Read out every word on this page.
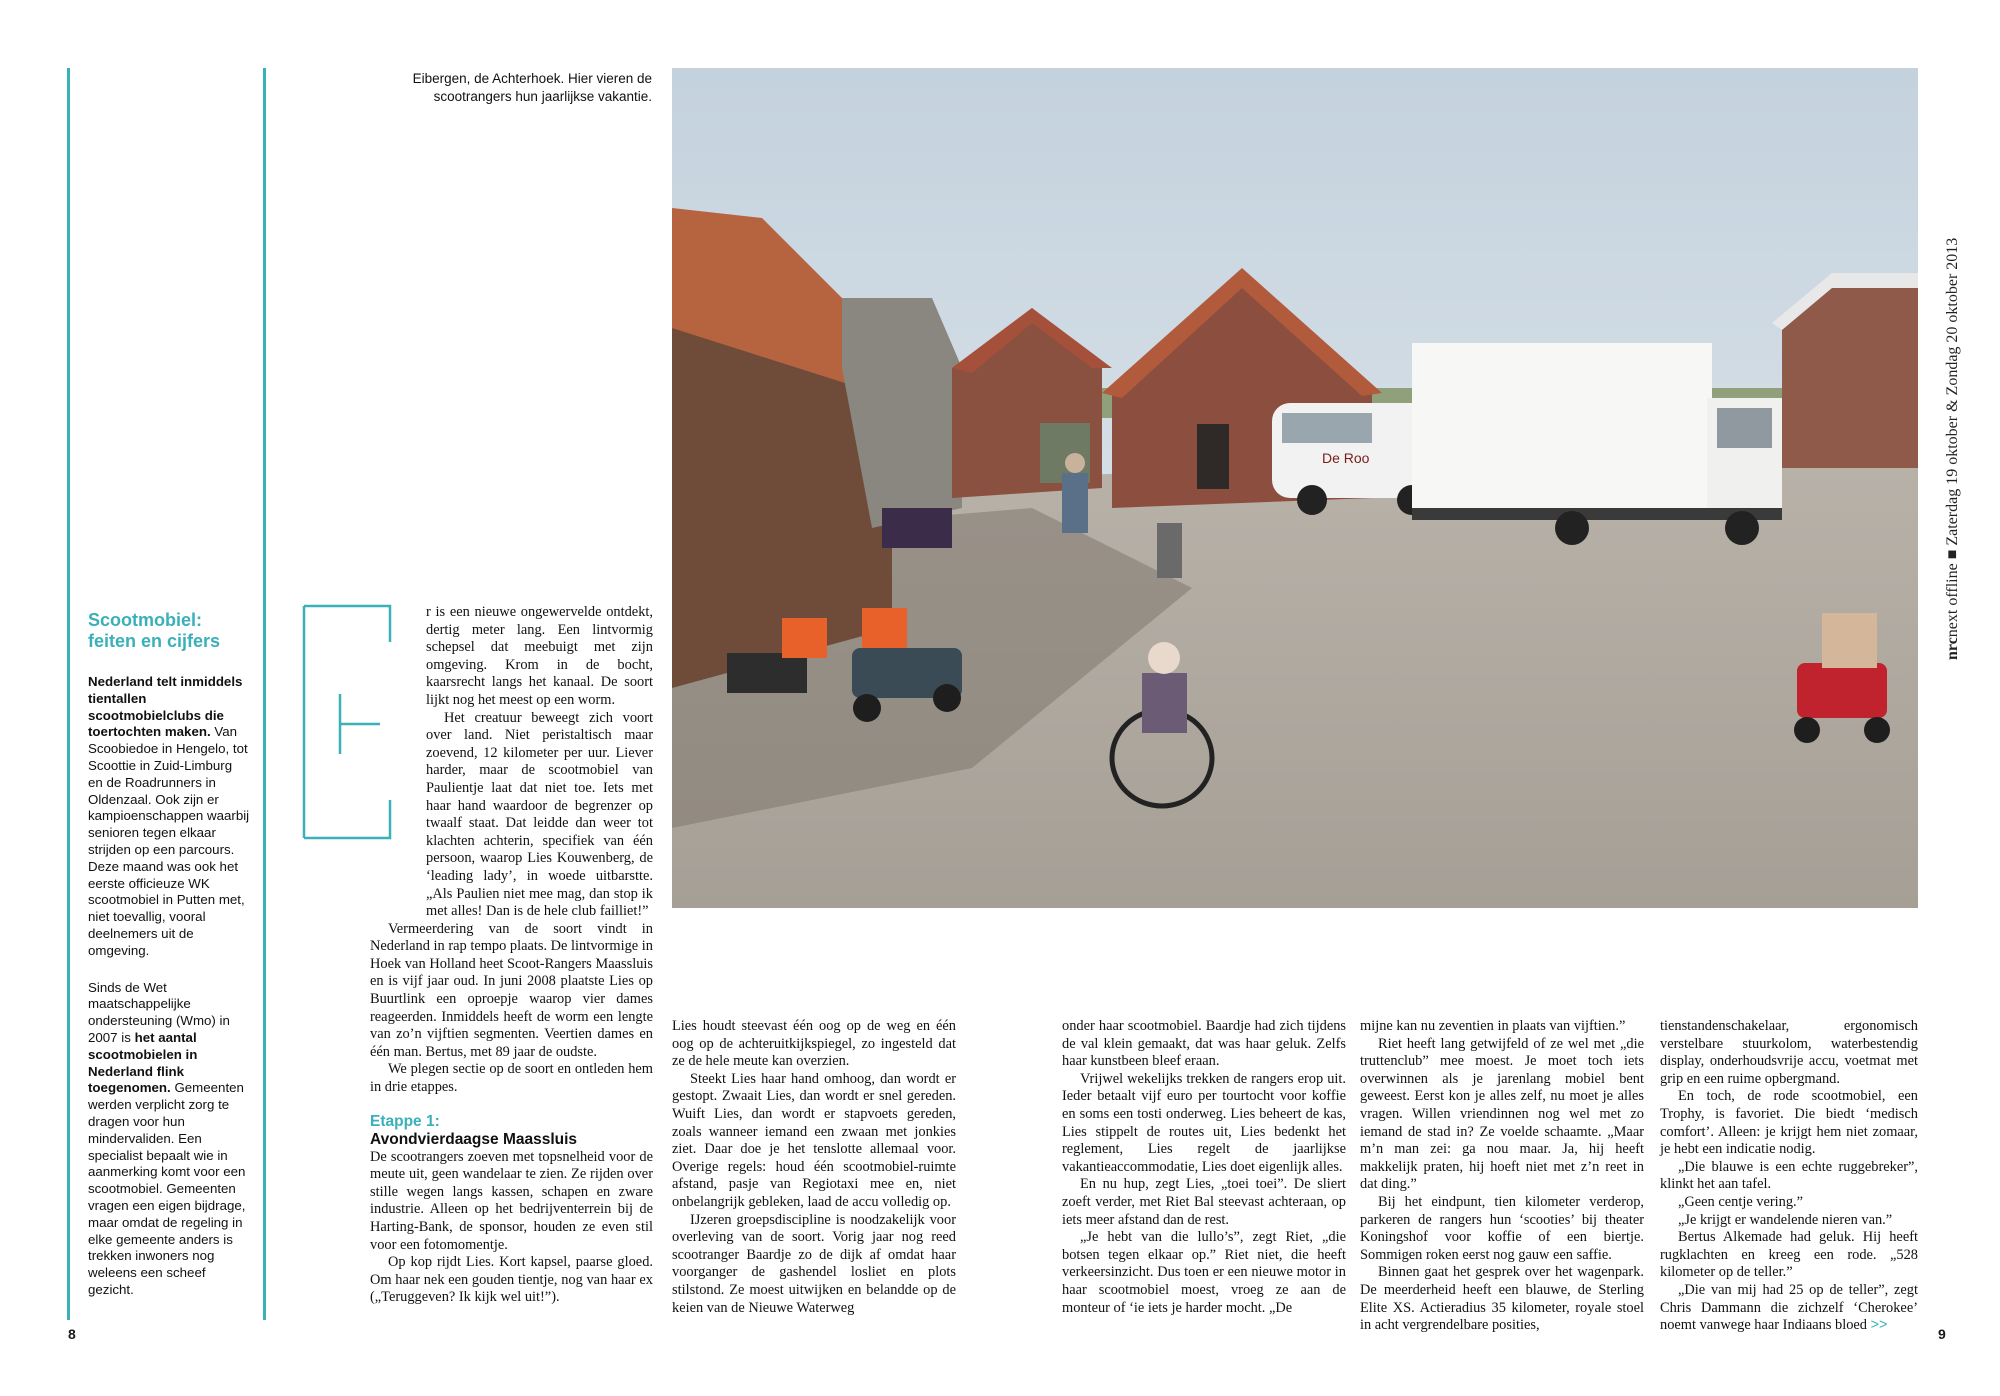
Scootmobiel: feiten en cijfers

Nederland telt inmiddels tientallen scootmobielclubs die toertochten maken. Van Scoobiedoe in Hengelo, tot Scoottie in Zuid-Limburg en de Roadrunners in Oldenzaal. Ook zijn er kampioenschappen waarbij senioren tegen elkaar strijden op een parcours. Deze maand was ook het eerste officieuze WK scootmobiel in Putten met, niet toevallig, vooral deelnemers uit de omgeving.

Sinds de Wet maatschappelijke ondersteuning (Wmo) in 2007 is het aantal scootmobielen in Nederland flink toegenomen. Gemeenten werden verplicht zorg te dragen voor hun mindervaliden. Een specialist bepaalt wie in aanmerking komt voor een scootmobiel. Gemeenten vragen een eigen bijdrage, maar omdat de regeling in elke gemeente anders is trekken inwoners nog weleens een scheef gezicht.

Eibergen, de Achterhoek. Hier vieren de scootrangers hun jaarlijkse vakantie.
De Roo
nrcnext offline ■ Zaterdag 19 oktober & Zondag 20 oktober 2013

r is een nieuwe ongewervelde ontdekt, dertig meter lang. Een lintvormig schepsel dat meebuigt met zijn omgeving. Krom in de bocht, kaarsrecht langs het kanaal. De soort lijkt nog het meest op een worm.

Het creatuur beweegt zich voort over land. Niet peristaltisch maar zoevend, 12 kilometer per uur. Liever harder, maar de scootmobiel van Paulientje laat dat niet toe. Iets met haar hand waardoor de begrenzer op twaalf staat. Dat leidde dan weer tot klachten achterin, specifiek van één persoon, waarop Lies Kouwenberg, de ‘leading lady’, in woede uitbarstte. „Als Paulien niet mee mag, dan stop ik met alles! Dan is de hele club failliet!”

Vermeerdering van de soort vindt in Nederland in rap tempo plaats. De lintvormige in Hoek van Holland heet Scoot-Rangers Maassluis en is vijf jaar oud. In juni 2008 plaatste Lies op Buurtlink een oproepje waarop vier dames reageerden. Inmiddels heeft de worm een lengte van zo’n vijftien segmenten. Veertien dames en één man. Bertus, met 89 jaar de oudste.

We plegen sectie op de soort en ontleden hem in drie etappes.

Etappe 1:

Avondvierdaagse Maassluis

De scootrangers zoeven met topsnelheid voor de meute uit, geen wandelaar te zien. Ze rijden over stille wegen langs kassen, schapen en zware industrie. Alleen op het bedrijventerrein bij de Harting-Bank, de sponsor, houden ze even stil voor een fotomomentje.

Op kop rijdt Lies. Kort kapsel, paarse gloed. Om haar nek een gouden tientje, nog van haar ex („Teruggeven? Ik kijk wel uit!”).

Lies houdt steevast één oog op de weg en één oog op de achteruitkijkspiegel, zo ingesteld dat ze de hele meute kan overzien.

Steekt Lies haar hand omhoog, dan wordt er gestopt. Zwaait Lies, dan wordt er snel gereden. Wuift Lies, dan wordt er stapvoets gereden, zoals wanneer iemand een zwaan met jonkies ziet. Daar doe je het tenslotte allemaal voor. Overige regels: houd één scootmobiel-ruimte afstand, pasje van Regiotaxi mee en, niet onbelangrijk gebleken, laad de accu volledig op.

IJzeren groepsdiscipline is noodzakelijk voor overleving van de soort. Vorig jaar nog reed scootranger Baardje zo de dijk af omdat haar voorganger de gashendel losliet en plots stilstond. Ze moest uitwijken en belandde op de keien van de Nieuwe Waterweg

onder haar scootmobiel. Baardje had zich tijdens de val klein gemaakt, dat was haar geluk. Zelfs haar kunstbeen bleef eraan.

Vrijwel wekelijks trekken de rangers erop uit. Ieder betaalt vijf euro per tourtocht voor koffie en soms een tosti onderweg. Lies beheert de kas, Lies stippelt de routes uit, Lies bedenkt het reglement, Lies regelt de jaarlijkse vakantieaccommodatie, Lies doet eigenlijk alles.

En nu hup, zegt Lies, „toei toei”. De sliert zoeft verder, met Riet Bal steevast achteraan, op iets meer afstand dan de rest.

„Je hebt van die lullo’s”, zegt Riet, „die botsen tegen elkaar op.” Riet niet, die heeft verkeersinzicht. Dus toen er een nieuwe motor in haar scootmobiel moest, vroeg ze aan de monteur of ‘ie iets je harder mocht. „De

mijne kan nu zeventien in plaats van vijftien.”

Riet heeft lang getwijfeld of ze wel met „die truttenclub” mee moest. Je moet toch iets overwinnen als je jarenlang mobiel bent geweest. Eerst kon je alles zelf, nu moet je alles vragen. Willen vriendinnen nog wel met zo iemand de stad in? Ze voelde schaamte. „Maar m’n man zei: ga nou maar. Ja, hij heeft makkelijk praten, hij hoeft niet met z’n reet in dat ding.”

Bij het eindpunt, tien kilometer verderop, parkeren de rangers hun ‘scooties’ bij theater Koningshof voor koffie of een biertje. Sommigen roken eerst nog gauw een saffie.

Binnen gaat het gesprek over het wagenpark. De meerderheid heeft een blauwe, de Sterling Elite XS. Actieradius 35 kilometer, royale stoel in acht vergrendelbare posities,

tienstandenschakelaar, ergonomisch verstelbare stuurkolom, waterbestendig display, onderhoudsvrije accu, voetmat met grip en een ruime opbergmand.

En toch, de rode scootmobiel, een Trophy, is favoriet. Die biedt ‘medisch comfort’. Alleen: je krijgt hem niet zomaar, je hebt een indicatie nodig.

„Die blauwe is een echte ruggebreker”, klinkt het aan tafel.

„Geen centje vering.”

„Je krijgt er wandelende nieren van.”

Bertus Alkemade had geluk. Hij heeft rugklachten en kreeg een rode. „528 kilometer op de teller.”

„Die van mij had 25 op de teller”, zegt Chris Dammann die zichzelf ‘Cherokee’ noemt vanwege haar Indiaans bloed >>

8	9
